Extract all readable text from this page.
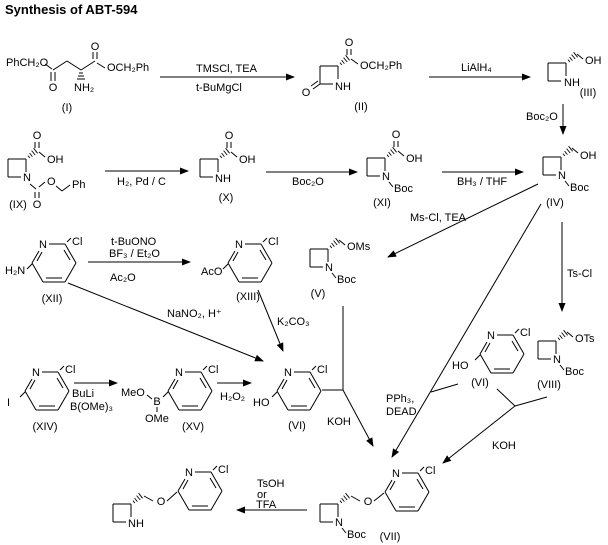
Synthesis of ABT-594
PhCH₂O
O NH₂
O
OCH₂Ph
(I)
TMSCl, TEA
t-BuMgCl	O NH
O
OCH₂Ph
(II)
LiAlH₄
NH
OH
(III)
Boc₂O
N
O
OH
O
O Ph
(IX)
H₂, Pd / C	NH
O
OH
(X)
Boc₂O	N
Boc
O
OH
(XI)
BH₃ / THF	N
Boc
OH
(IV)
N Cl
H₂N
(XII)
t-BuONO
BF₃ / Et₂O
Ac₂O
N Cl
AcO
(XIII)
NaNO₂, H⁺
K₂CO₃
Ms-Cl, TEA
N
Boc
OMs
(V)
Ts-Cl
N
Boc
OTs
(VIII)
N Cl
HO
(VI)
PPh₃,
DEAD
N Cl
I
(XIV)
BuLi
B(OMe)₃
N Cl
B
MeO
OMe
(XV)
H₂O₂
N Cl
HO
(VI) KOH
KOH
N
Boc
O
N Cl
(VII)
TsOH
or
TFA
NH
O
N Cl
